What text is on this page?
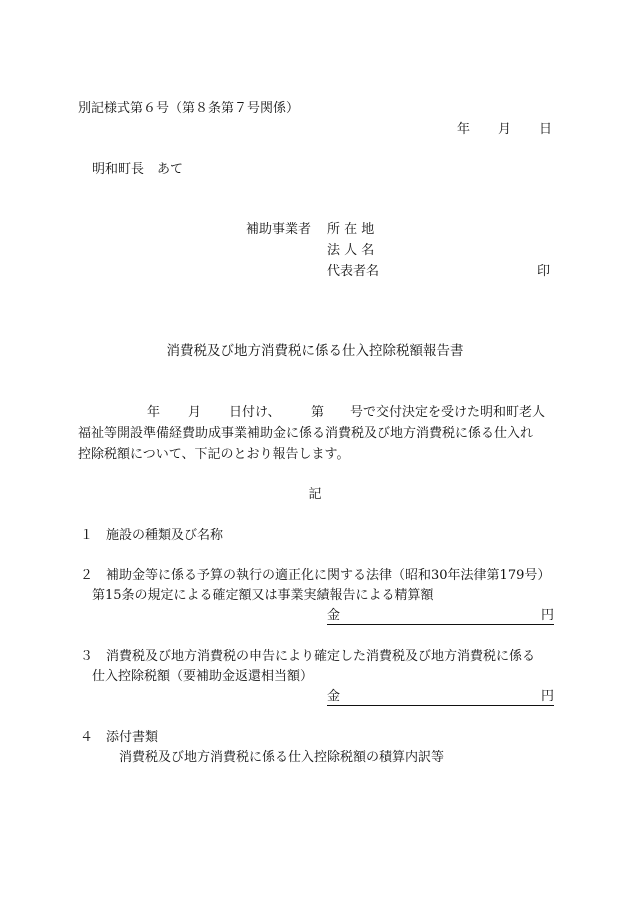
別記様式第６号（第８条第７号関係）
年 月 日
明和町長　あて
補助事業者 所 在 地
法 人 名
代表者名	印
消費税及び地方消費税に係る仕入控除税額報告書
年 月 日付け、 第 号で交付決定を受けた明和町老人
福祉等開設準備経費助成事業補助金に係る消費税及び地方消費税に係る仕入れ
控除税額について、下記のとおり報告します。
記
１ 施設の種類及び名称
２ 補助金等に係る予算の執行の適正化に関する法律（昭和30年法律第179号）
第15条の規定による確定額又は事業実績報告による精算額
金	円
３ 消費税及び地方消費税の申告により確定した消費税及び地方消費税に係る
仕入控除税額（要補助金返還相当額）
金	円
４ 添付書類
消費税及び地方消費税に係る仕入控除税額の積算内訳等
